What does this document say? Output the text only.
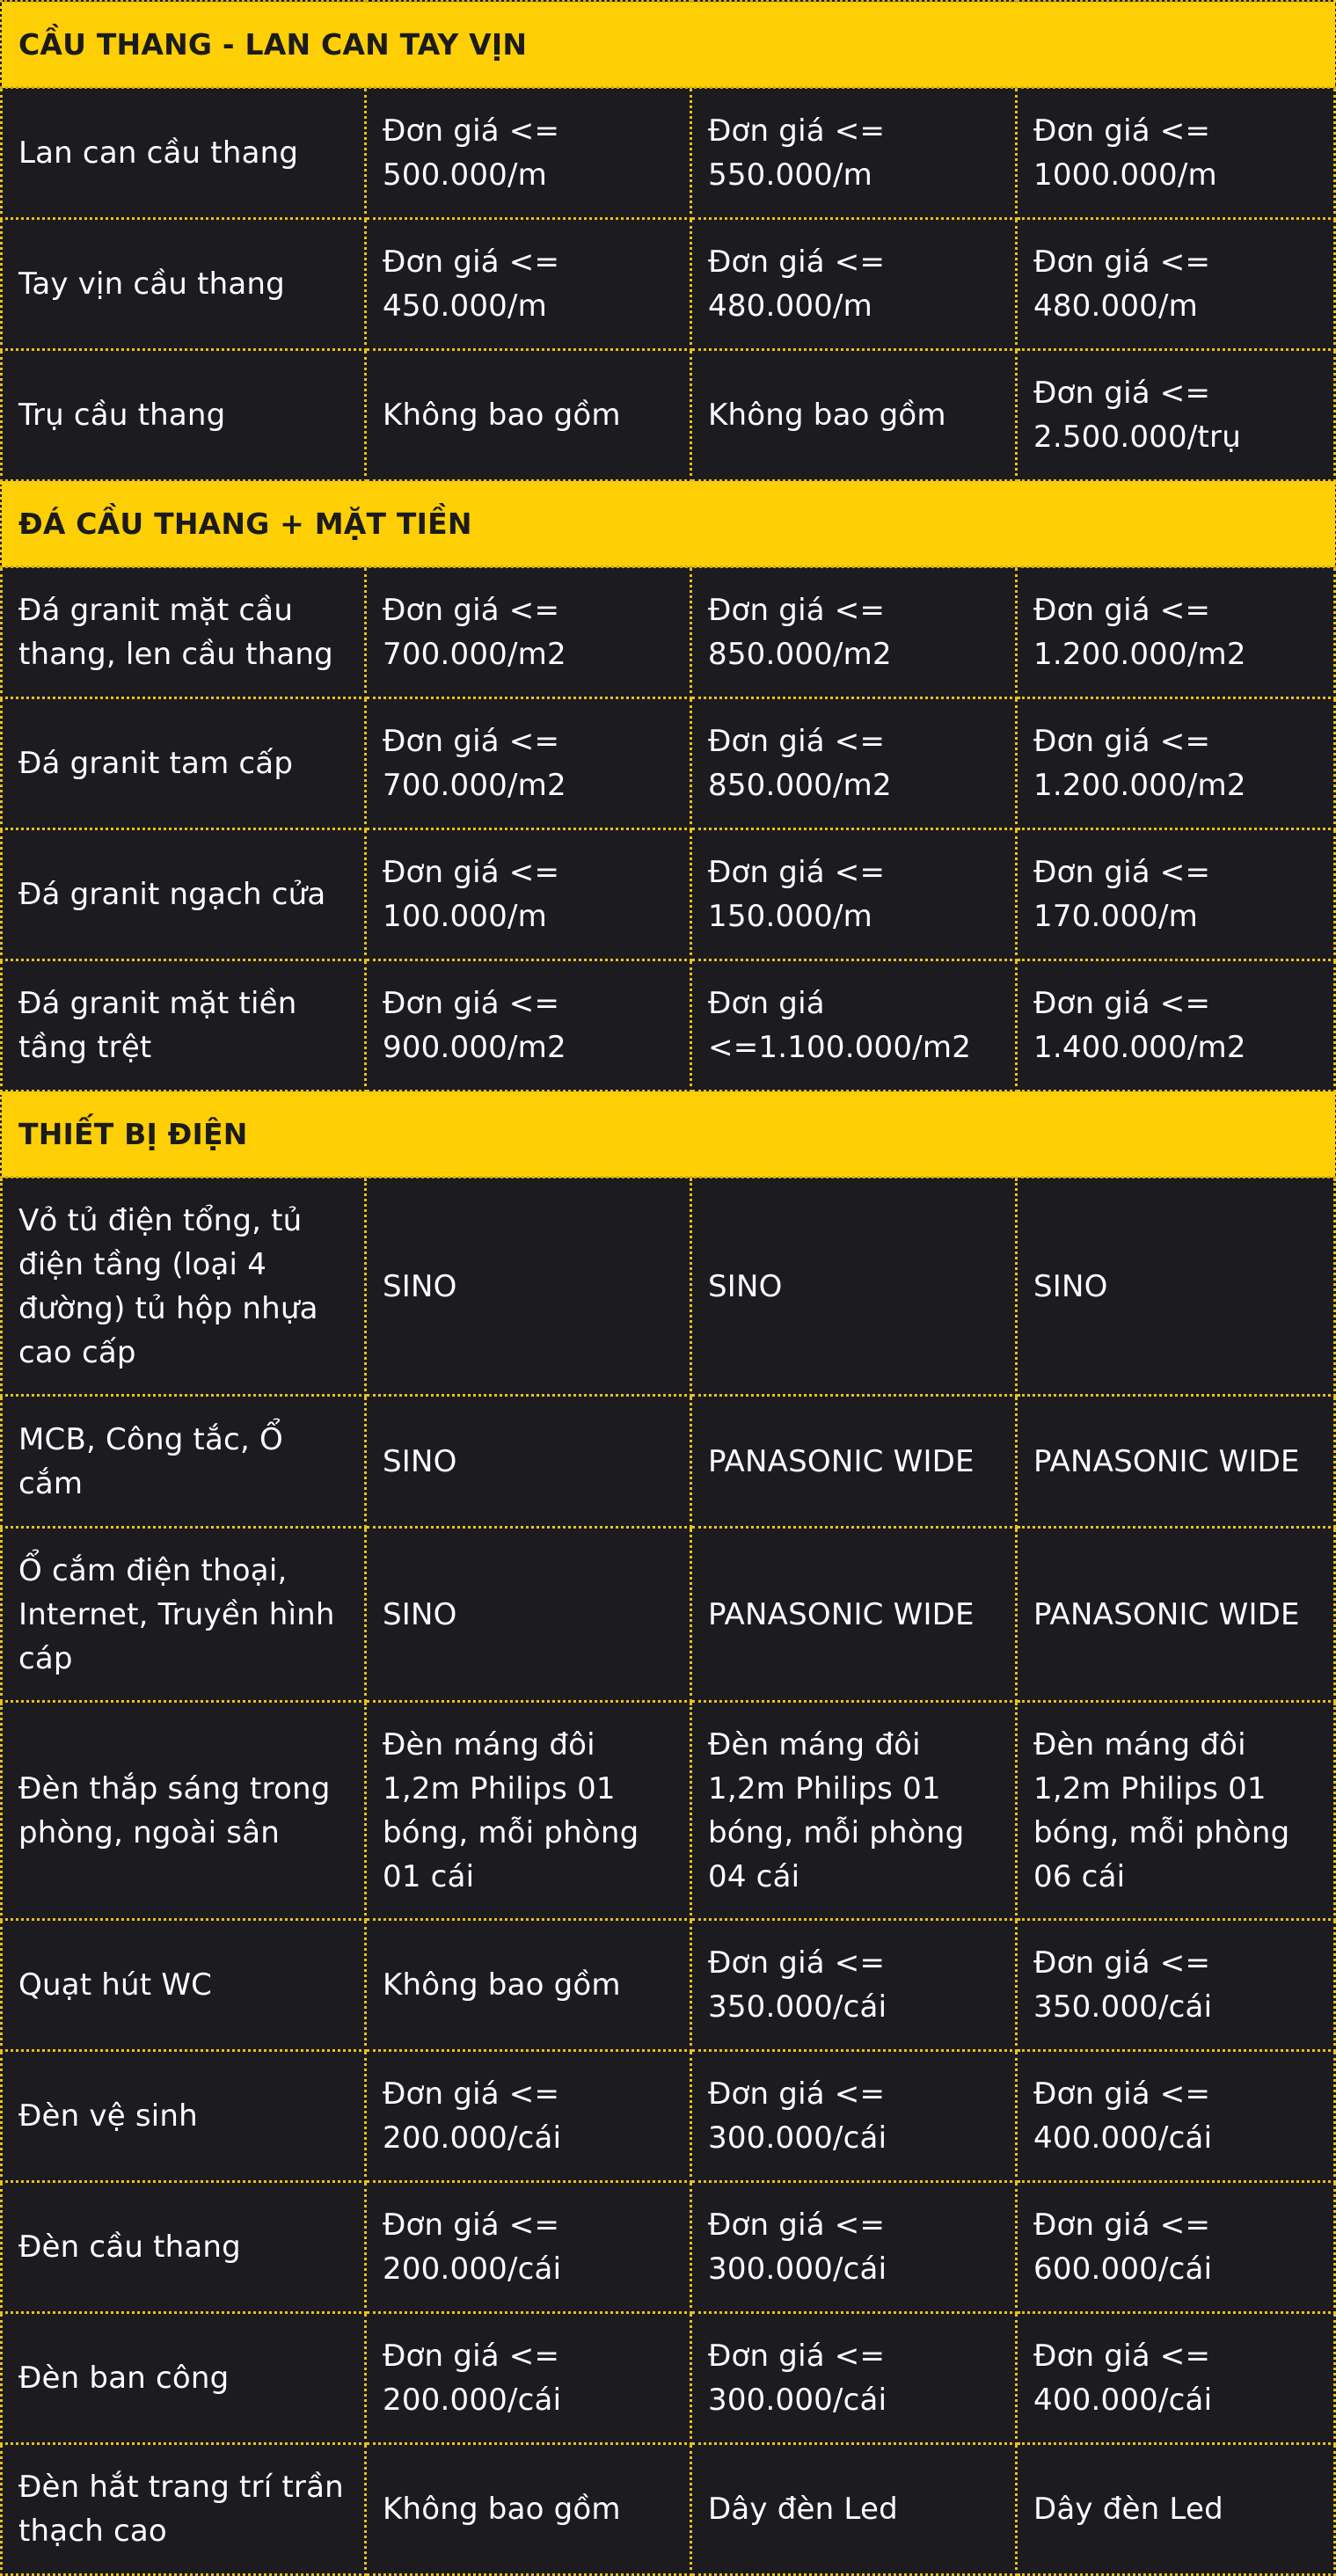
CẦU THANG - LAN CAN TAY VỊN			
Lan can cầu thang	Đơn giá <= 500.000/m	Đơn giá <= 550.000/m	Đơn giá <= 1000.000/m
Tay vịn cầu thang	Đơn giá <= 450.000/m	Đơn giá <= 480.000/m	Đơn giá <= 480.000/m
Trụ cầu thang	Không bao gồm	Không bao gồm	Đơn giá <= 2.500.000/trụ
ĐÁ CẦU THANG + MẶT TIỀN			
Đá granit mặt cầu thang, len cầu thang	Đơn giá <= 700.000/m2	Đơn giá <= 850.000/m2	Đơn giá <= 1.200.000/m2
Đá granit tam cấp	Đơn giá <= 700.000/m2	Đơn giá <= 850.000/m2	Đơn giá <= 1.200.000/m2
Đá granit ngạch cửa	Đơn giá <= 100.000/m	Đơn giá <= 150.000/m	Đơn giá <= 170.000/m
Đá granit mặt tiền tầng trệt	Đơn giá <= 900.000/m2	Đơn giá <=1.100.000/m2	Đơn giá <= 1.400.000/m2
THIẾT BỊ ĐIỆN			
Vỏ tủ điện tổng, tủ điện tầng (loại 4 đường) tủ hộp nhựa cao cấp	SINO	SINO	SINO
MCB, Công tắc, Ổ cắm	SINO	PANASONIC WIDE	PANASONIC WIDE
Ổ cắm điện thoại, Internet, Truyền hình cáp	SINO	PANASONIC WIDE	PANASONIC WIDE
Đèn thắp sáng trong phòng, ngoài sân	Đèn máng đôi 1,2m Philips 01 bóng, mỗi phòng 01 cái	Đèn máng đôi 1,2m Philips 01 bóng, mỗi phòng 04 cái	Đèn máng đôi 1,2m Philips 01 bóng, mỗi phòng 06 cái
Quạt hút WC	Không bao gồm	Đơn giá <= 350.000/cái	Đơn giá <= 350.000/cái
Đèn vệ sinh	Đơn giá <= 200.000/cái	Đơn giá <= 300.000/cái	Đơn giá <= 400.000/cái
Đèn cầu thang	Đơn giá <= 200.000/cái	Đơn giá <= 300.000/cái	Đơn giá <= 600.000/cái
Đèn ban công	Đơn giá <= 200.000/cái	Đơn giá <= 300.000/cái	Đơn giá <= 400.000/cái
Đèn hắt trang trí trần thạch cao	Không bao gồm	Dây đèn Led	Dây đèn Led
